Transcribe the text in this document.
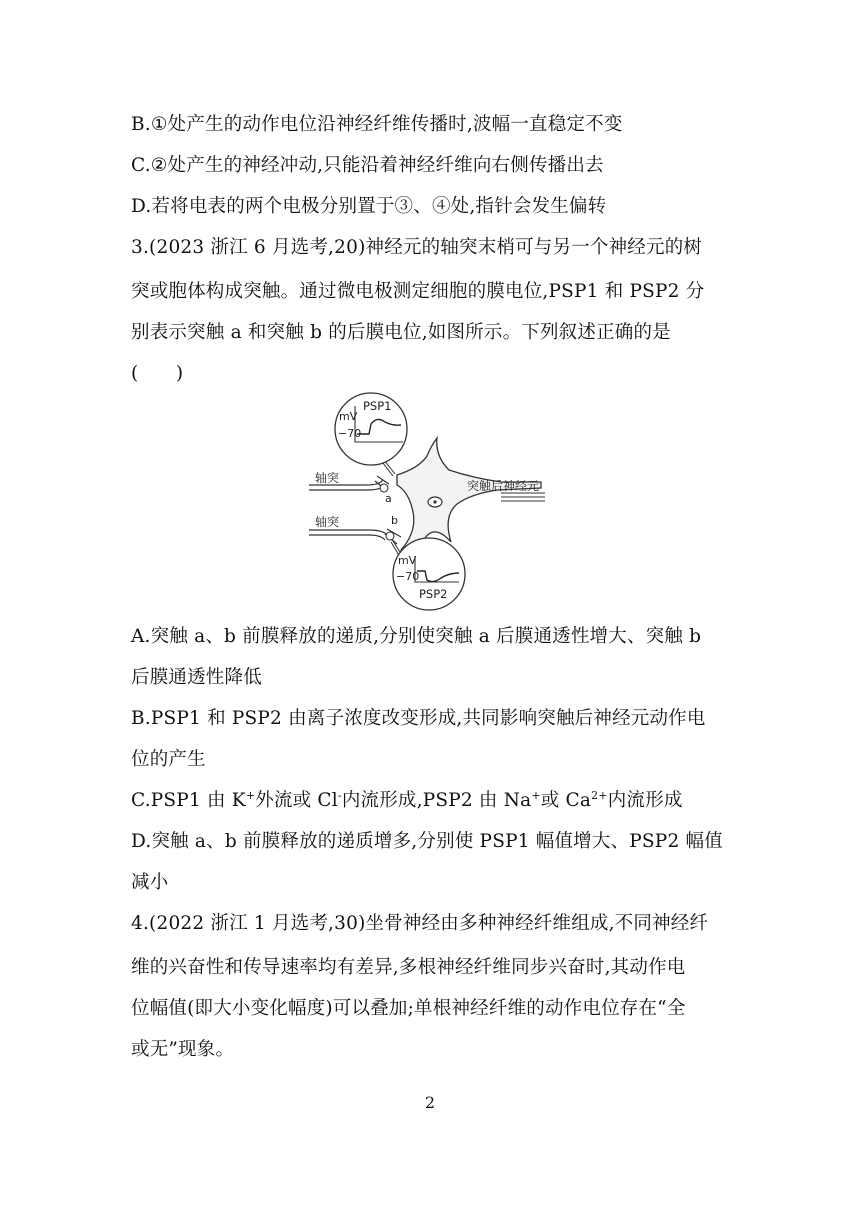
B.①处产生的动作电位沿神经纤维传播时,波幅一直稳定不变
C.②处产生的神经冲动,只能沿着神经纤维向右侧传播出去
D.若将电表的两个电极分别置于③、④处,指针会发生偏转
3.(2023 浙江 6 月选考,20)神经元的轴突末梢可与另一个神经元的树
突或胞体构成突触。通过微电极测定细胞的膜电位,PSP1 和 PSP2 分
别表示突触 a 和突触 b 的后膜电位,如图所示。下列叙述正确的是
(　　)
mV
−70
PSP1
mV
−70
PSP2
轴突
轴突
a
b
突触后神经元
A.突触 a、b 前膜释放的递质,分别使突触 a 后膜通透性增大、突触 b
后膜通透性降低
B.PSP1 和 PSP2 由离子浓度改变形成,共同影响突触后神经元动作电
位的产生
C.PSP1 由 K+外流或 Cl-内流形成,PSP2 由 Na+或 $Ca^{2+}$内流形成
D.突触 a、b 前膜释放的递质增多,分别使 PSP1 幅值增大、PSP2 幅值
减小
4.(2022 浙江 1 月选考,30)坐骨神经由多种神经纤维组成,不同神经纤
维的兴奋性和传导速率均有差异,多根神经纤维同步兴奋时,其动作电
位幅值(即大小变化幅度)可以叠加;单根神经纤维的动作电位存在“全
或无”现象。
2
